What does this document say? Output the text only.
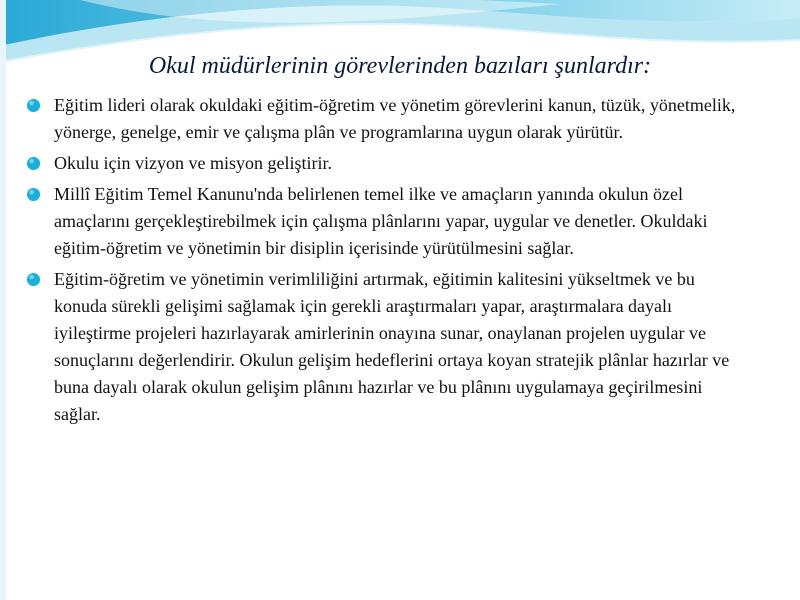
Okul müdürlerinin görevlerinden bazıları şunlardır:
Eğitim lideri olarak okuldaki eğitim-öğretim ve yönetim görevlerini kanun, tüzük, yönetmelik, yönerge, genelge, emir ve çalışma plân ve programlarına uygun olarak yürütür.
Okulu için vizyon ve misyon geliştirir.
Millî Eğitim Temel Kanunu'nda belirlenen temel ilke ve amaçların yanında okulun özel amaçlarını gerçekleştirebilmek için çalışma plânlarını yapar, uygular ve denetler. Okuldaki eğitim-öğretim ve yönetimin bir disiplin içerisinde yürütülmesini sağlar.
Eğitim-öğretim ve yönetimin verimliliğini artırmak, eğitimin kalitesini yükseltmek ve bu konuda sürekli gelişimi sağlamak için gerekli araştırmaları yapar, araştırmalara dayalı iyileştirme projeleri hazırlayarak amirlerinin onayına sunar, onaylanan projelen uygular ve sonuçlarını değerlendirir. Okulun gelişim hedeflerini ortaya koyan stratejik plânlar hazırlar ve buna dayalı olarak okulun gelişim plânını hazırlar ve bu plânını uygulamaya geçirilmesini sağlar.
